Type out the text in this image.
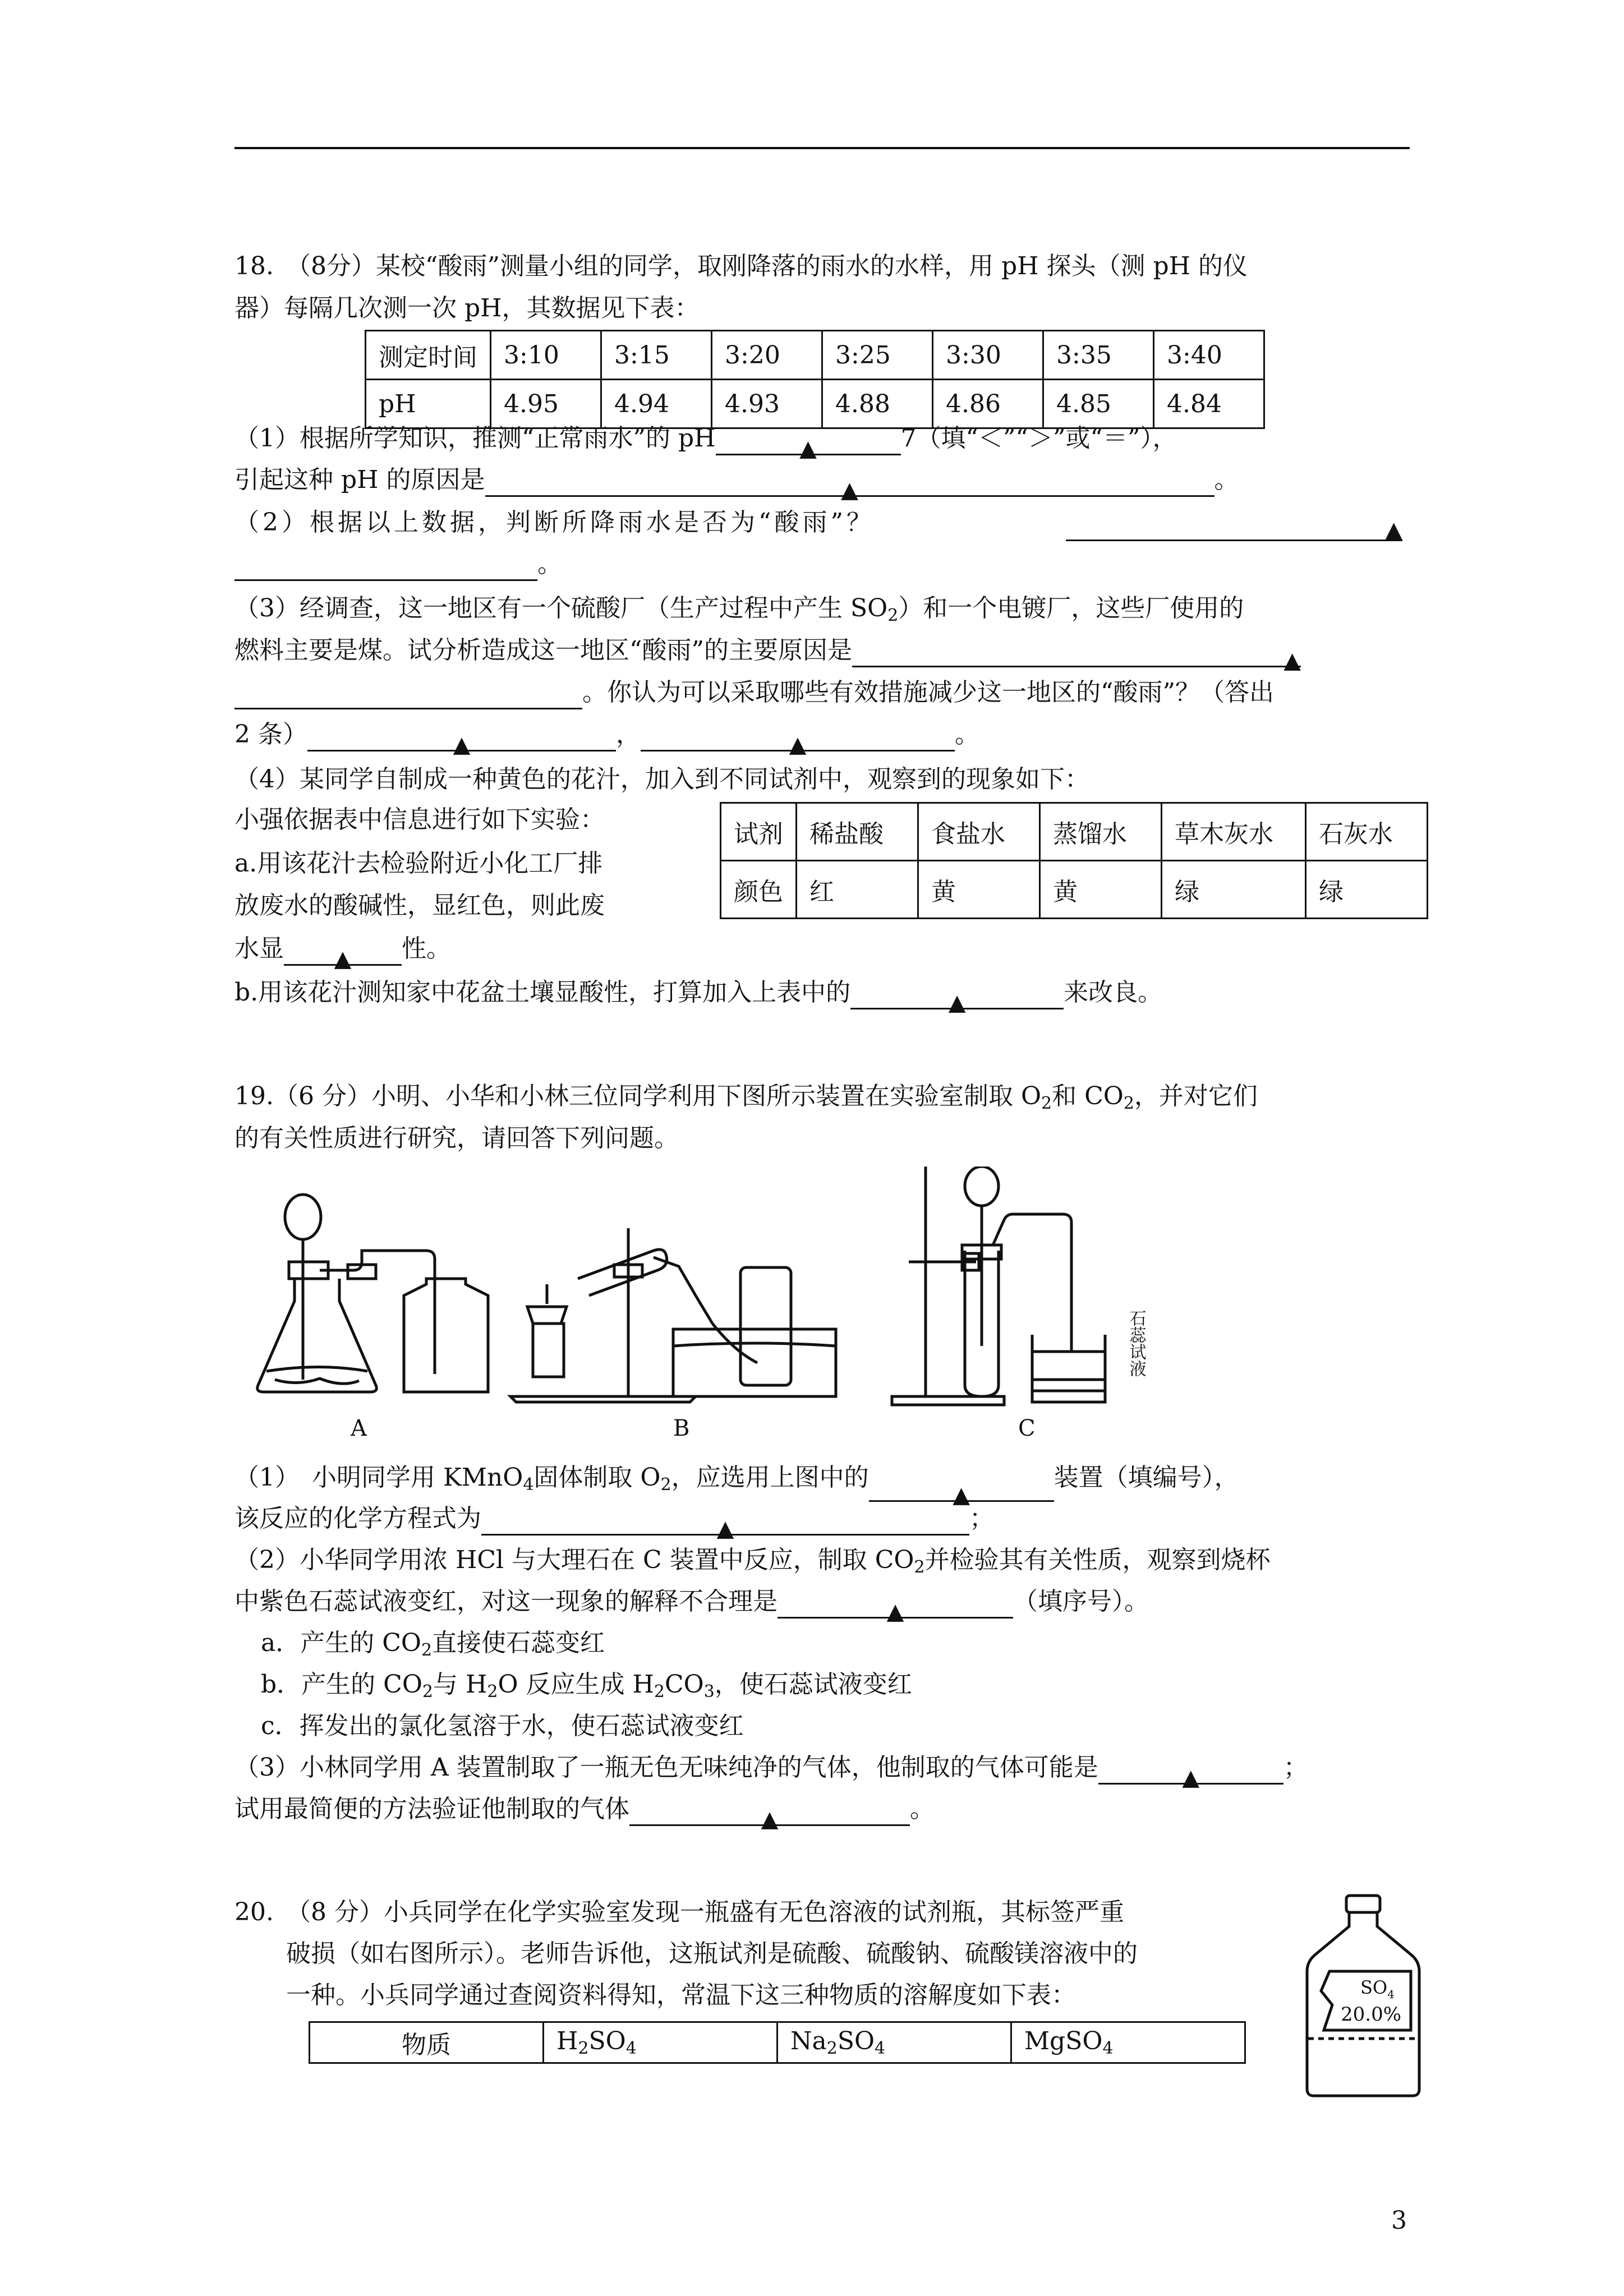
18.　（8分）某校“酸雨”测量小组的同学，取刚降落的雨水的水样，用 pH 探头（测 pH 的仪
器）每隔几次测一次 pH，其数据见下表：
测定时间	3:10	3:15	3:20	3:25	3:30	3:35	3:40
pH	4.95	4.94	4.93	4.88	4.86	4.85	4.84
（1）根据所学知识，推测“正常雨水”的 pH	▲	7（填“＜”“＞”或“＝”），
引起这种 pH 的原因是	▲	。
（2）根据以上数据，判断所降雨水是否为“酸雨”？	▲
。
（3）经调查，这一地区有一个硫酸厂（生产过程中产生 $SO_2$）和一个电镀厂，这些厂使用的
燃料主要是煤。试分析造成这一地区“酸雨”的主要原因是	▲
。你认为可以采取哪些有效措施减少这一地区的“酸雨”？（答出
2 条）	▲	，	▲	。
（4）某同学自制成一种黄色的花汁，加入到不同试剂中，观察到的现象如下：
小强依据表中信息进行如下实验：
a.用该花汁去检验附近小化工厂排
放废水的酸碱性，显红色，则此废
水显 ▲ 性。
试剂	稀盐酸	食盐水	蒸馏水	草木灰水	石灰水
颜色	红	黄	黄	绿	绿
b.用该花汁测知家中花盆土壤显酸性，打算加入上表中的	▲	来改良。
19.（6 分）小明、小华和小林三位同学利用下图所示装置在实验室制取 $O_2$和 $CO_2$，并对它们
的有关性质进行研究，请回答下列问题。
A	B	C
石蕊试液
（1）　小明同学用 KMnO$_4$固体制取 $O_2$，应选用上图中的▲装置（填编号），
该反应的化学方程式为	▲	；
（2）小华同学用浓 HCl 与大理石在 C 装置中反应，制取 $CO_2$并检验其有关性质，观察到烧杯
中紫色石蕊试液变红，对这一现象的解释不合理是	▲	（填序号）。
a．产生的 $CO_2$直接使石蕊变红
b．产生的 $CO_2$与 $H_2O$ 反应生成 $H_2CO_3$，使石蕊试液变红
c．挥发出的氯化氢溶于水，使石蕊试液变红
（3）小林同学用 A 装置制取了一瓶无色无味纯净的气体，他制取的气体可能是	▲	；
试用最简便的方法验证他制取的气体	▲	。
20.　（8 分）小兵同学在化学实验室发现一瓶盛有无色溶液的试剂瓶，其标签严重
破损（如右图所示）。老师告诉他，这瓶试剂是硫酸、硫酸钠、硫酸镁溶液中的
一种。小兵同学通过查阅资料得知，常温下这三种物质的溶解度如下表：
物质	$H_2SO_4$	$Na_2SO_4$	MgSO$_4$
$SO_4$
20.0%
3
